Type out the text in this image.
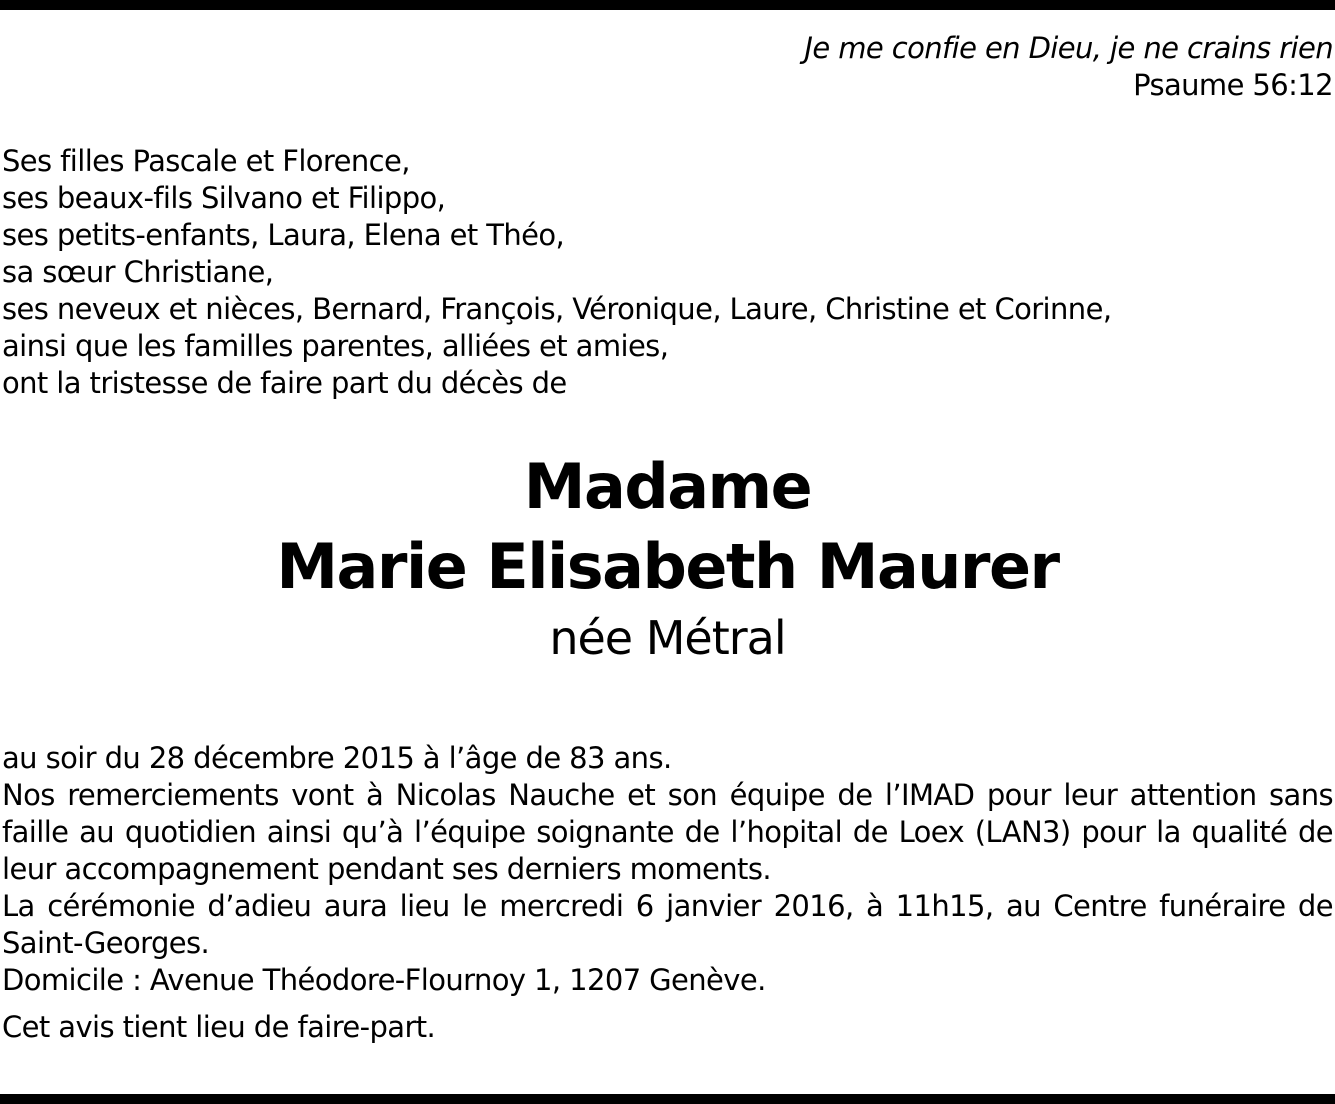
Je me confie en Dieu, je ne crains rien
Psaume 56:12
Ses filles Pascale et Florence,
ses beaux-fils Silvano et Filippo,
ses petits-enfants, Laura, Elena et Théo,
sa sœur Christiane,
ses neveux et nièces, Bernard, François, Véronique, Laure, Christine et Corinne,
ainsi que les familles parentes, alliées et amies,
ont la tristesse de faire part du décès de
Madame
Marie Elisabeth Maurer
née Métral
au soir du 28 décembre 2015 à l’âge de 83 ans.
Nos remerciements vont à Nicolas Nauche et son équipe de l’IMAD pour leur attention sans faille au quotidien ainsi qu’à l’équipe soignante de l’hopital de Loex (LAN3) pour la qualité de leur accompagnement pendant ses derniers moments.
La cérémonie d’adieu aura lieu le mercredi 6 janvier 2016, à 11h15, au Centre funéraire de Saint-Georges.
Domicile : Avenue Théodore-Flournoy 1, 1207 Genève.
Cet avis tient lieu de faire-part.
